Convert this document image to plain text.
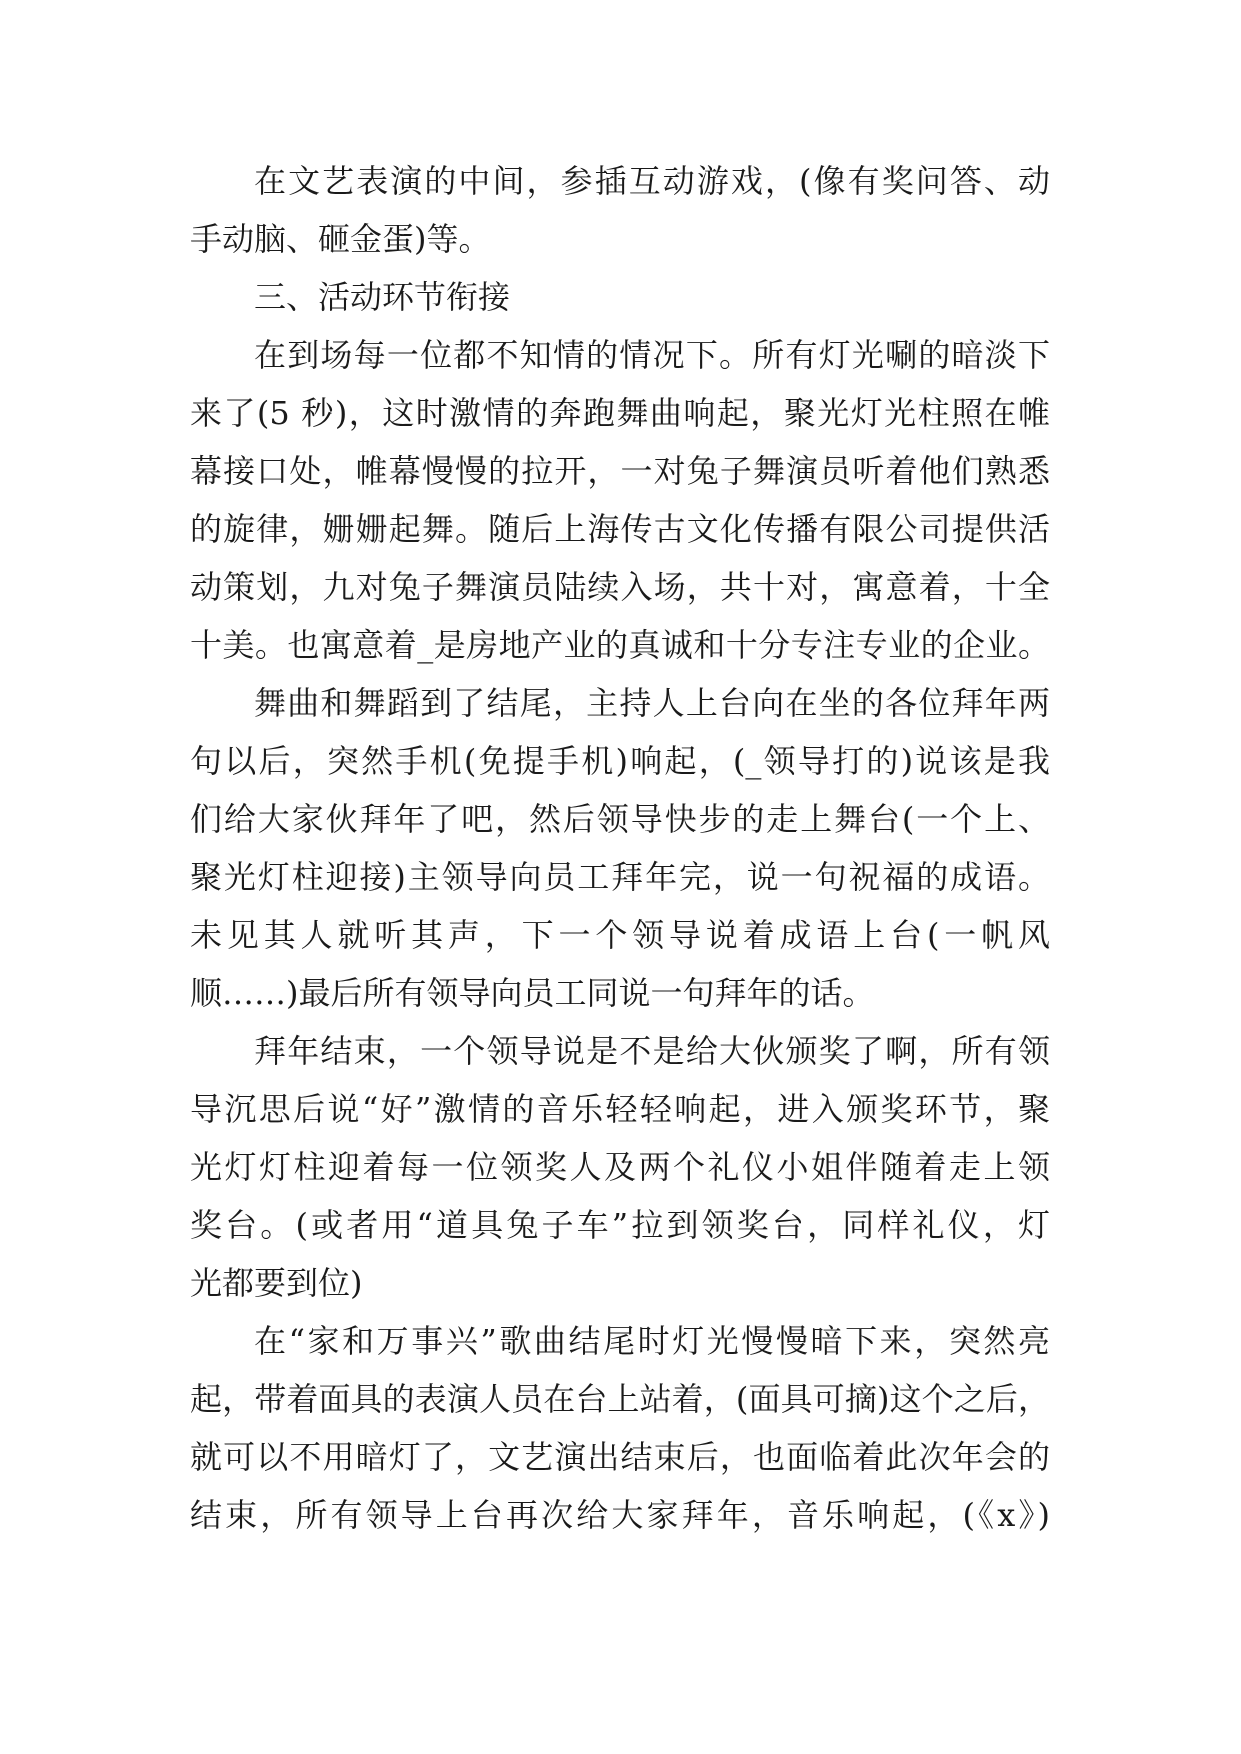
在文艺表演的中间，参插互动游戏，(像有奖问答、动
手动脑、砸金蛋)等。
三、活动环节衔接
在到场每一位都不知情的情况下。所有灯光唰的暗淡下
来了(5 秒)，这时激情的奔跑舞曲响起，聚光灯光柱照在帷
幕接口处，帷幕慢慢的拉开，一对兔子舞演员听着他们熟悉
的旋律，姗姗起舞。随后上海传古文化传播有限公司提供活
动策划，九对兔子舞演员陆续入场，共十对，寓意着，十全
十美。也寓意着_是房地产业的真诚和十分专注专业的企业。
舞曲和舞蹈到了结尾，主持人上台向在坐的各位拜年两
句以后，突然手机(免提手机)响起，(_领导打的)说该是我
们给大家伙拜年了吧，然后领导快步的走上舞台(一个上、
聚光灯柱迎接)主领导向员工拜年完，说一句祝福的成语。
未见其人就听其声，下一个领导说着成语上台(一帆风
顺……)最后所有领导向员工同说一句拜年的话。
拜年结束，一个领导说是不是给大伙颁奖了啊，所有领
导沉思后说“好”激情的音乐轻轻响起，进入颁奖环节，聚
光灯灯柱迎着每一位领奖人及两个礼仪小姐伴随着走上领
奖台。(或者用“道具兔子车”拉到领奖台，同样礼仪，灯
光都要到位)
在“家和万事兴”歌曲结尾时灯光慢慢暗下来，突然亮
起，带着面具的表演人员在台上站着，(面具可摘)这个之后，
就可以不用暗灯了，文艺演出结束后，也面临着此次年会的
结束，所有领导上台再次给大家拜年，音乐响起，(《x》)
